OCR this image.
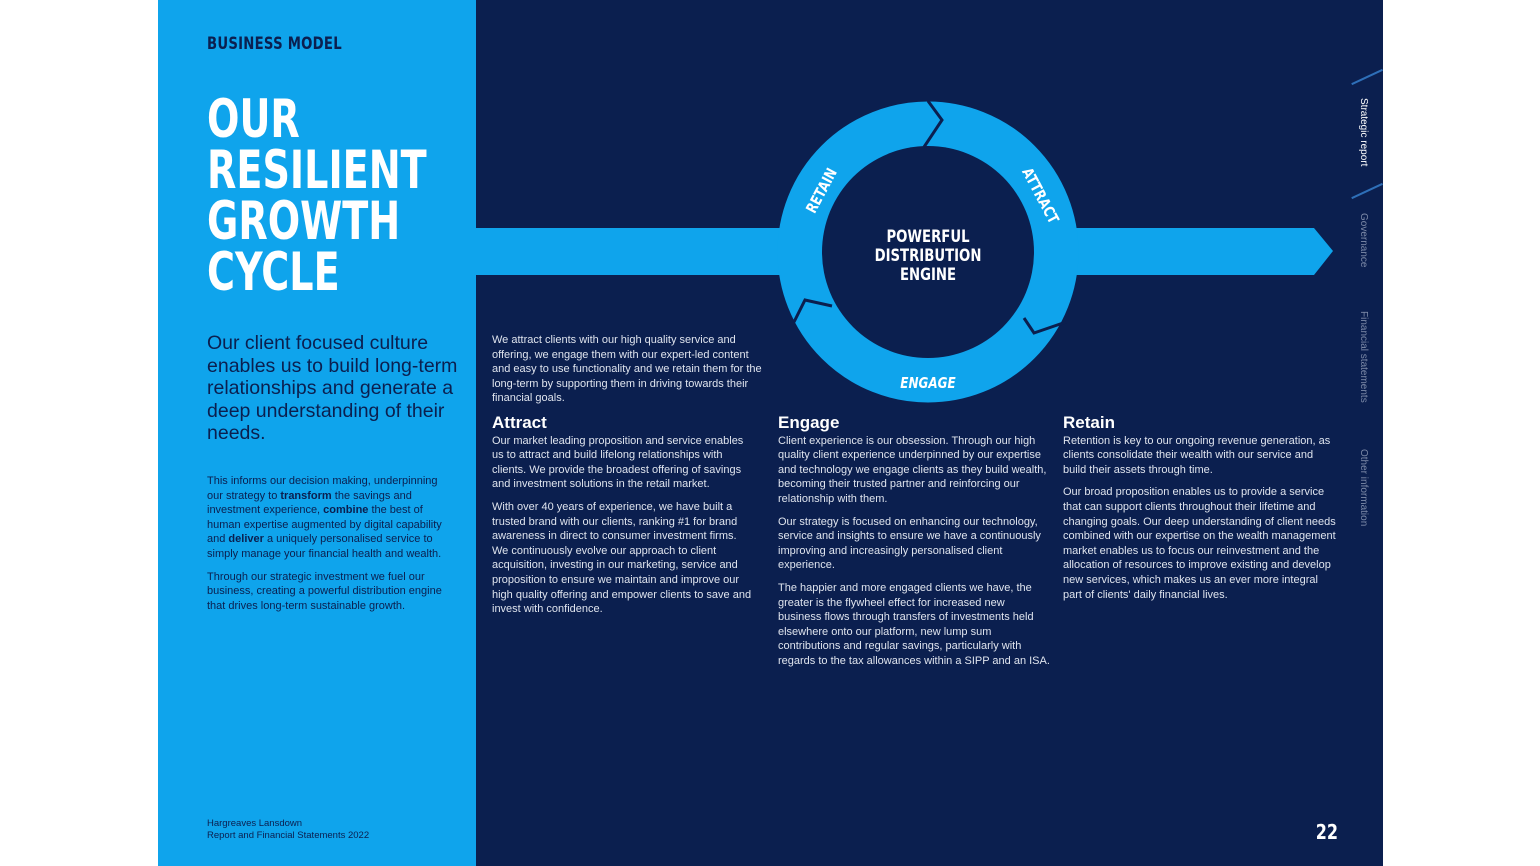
BUSINESS MODEL
OUR
RESILIENT
GROWTH
CYCLE
Our client focused culture enables us to build long-term relationships and generate a deep understanding of their needs.

This informs our decision making, underpinning our strategy to transform the savings and investment experience, combine the best of human expertise augmented by digital capability and deliver a uniquely personalised service to simply manage your financial health and wealth.

Through our strategic investment we fuel our business, creating a powerful distribution engine that drives long-term sustainable growth.

Hargreaves Lansdown
Report and Financial Statements 2022
POWERFUL
DISTRIBUTION
ENGINE
RETAIN	ATTRACT
ENGAGE

We attract clients with our high quality service and offering, we engage them with our expert-led content and easy to use functionality and we retain them for the long-term by supporting them in driving towards their financial goals.

Attract

Our market leading proposition and service enables us to attract and build lifelong relationships with clients. We provide the broadest offering of savings and investment solutions in the retail market.

With over 40 years of experience, we have built a trusted brand with our clients, ranking #1 for brand awareness in direct to consumer investment firms. We continuously evolve our approach to client acquisition, investing in our marketing, service and proposition to ensure we maintain and improve our high quality offering and empower clients to save and invest with confidence.

Engage

Client experience is our obsession. Through our high quality client experience underpinned by our expertise and technology we engage clients as they build wealth, becoming their trusted partner and reinforcing our relationship with them.

Our strategy is focused on enhancing our technology, service and insights to ensure we have a continuously improving and increasingly personalised client experience.

The happier and more engaged clients we have, the greater is the flywheel effect for increased new business flows through transfers of investments held elsewhere onto our platform, new lump sum contributions and regular savings, particularly with regards to the tax allowances within a SIPP and an ISA.

Retain

Retention is key to our ongoing revenue generation, as clients consolidate their wealth with our service and build their assets through time.

Our broad proposition enables us to provide a service that can support clients throughout their lifetime and changing goals. Our deep understanding of client needs combined with our expertise on the wealth management market enables us to focus our reinvestment and the allocation of resources to improve existing and develop new services, which makes us an ever more integral part of clients' daily financial lives.

Strategic report
Governance
Financial statements
Other information
22
